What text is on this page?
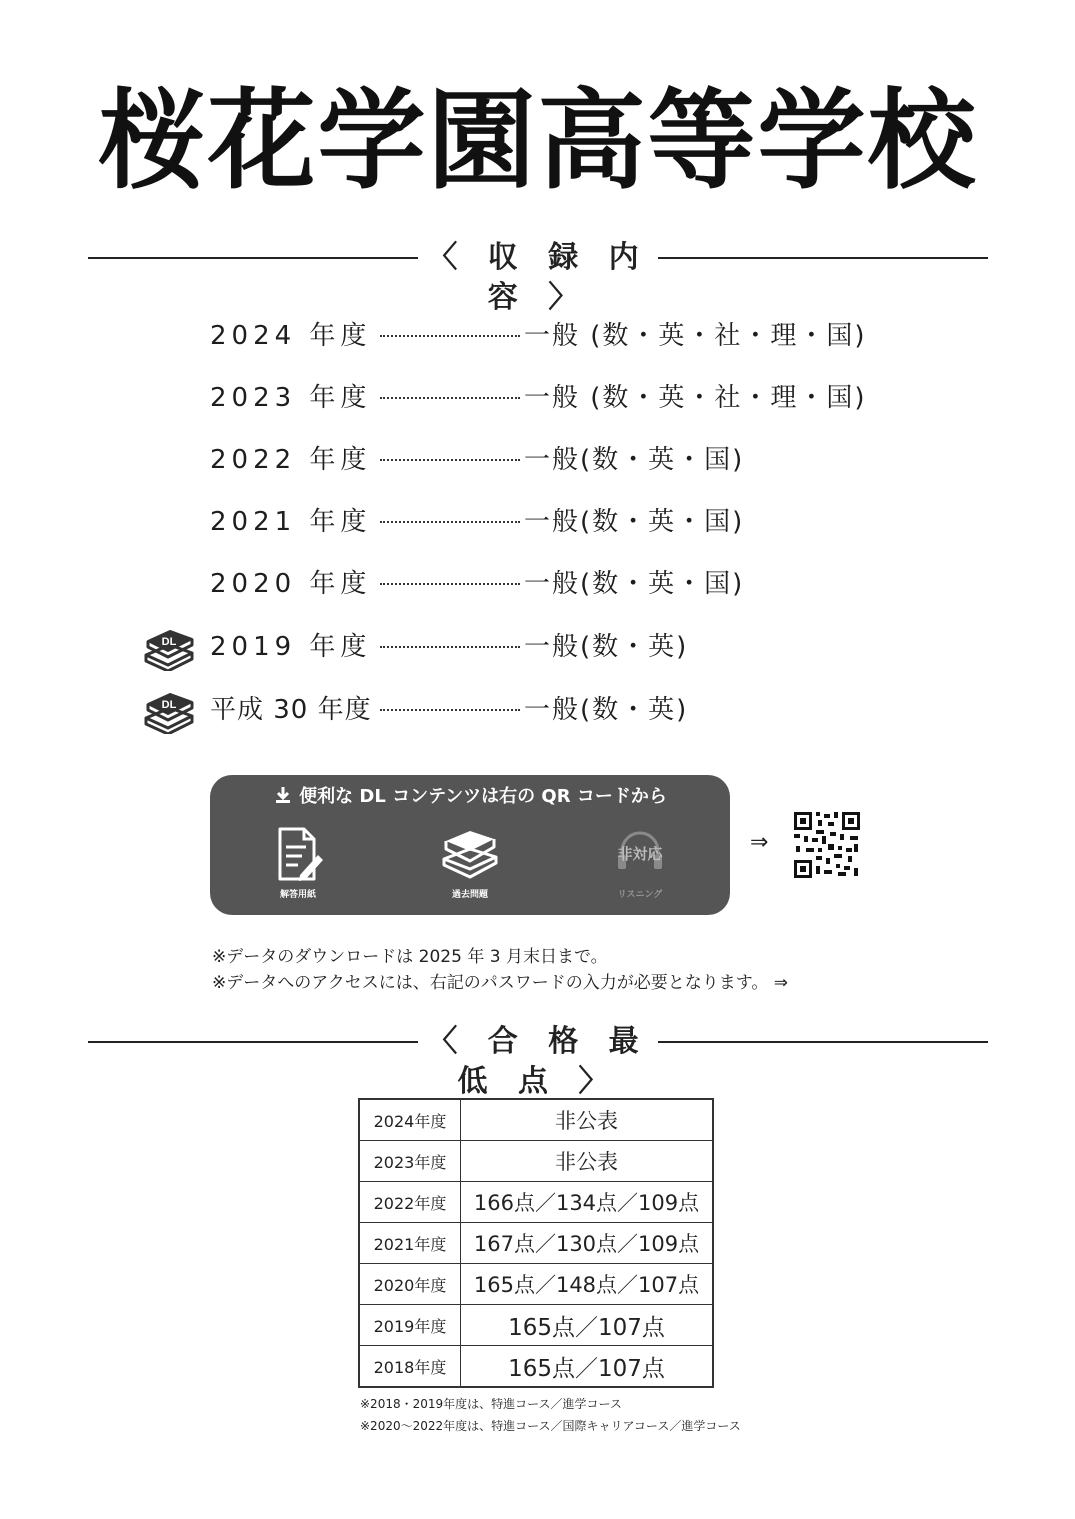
桜花学園高等学校
〈 収 録 内 容 〉
2024 年度	一般 (数・英・社・理・国)
2023 年度	一般 (数・英・社・理・国)
2022 年度	一般(数・英・国)
2021 年度	一般(数・英・国)
2020 年度	一般(数・英・国)
DL 2019 年度	一般(数・英)
DL 平成 30 年度	一般(数・英)
便利な DL コンテンツは右の QR コードから
解答用紙	過去問題
非対応
リスニング
⇒
※データのダウンロードは 2025 年 3 月末日まで。
※データへのアクセスには、右記のパスワードの入力が必要となります。 ⇒
〈 合 格 最 低 点 〉
2024年度	非公表
2023年度	非公表
2022年度	166点／134点／109点
2021年度	167点／130点／109点
2020年度	165点／148点／107点
2019年度	165点／107点
2018年度	165点／107点
※2018・2019年度は、特進コース／進学コース
※2020～2022年度は、特進コース／国際キャリアコース／進学コース
